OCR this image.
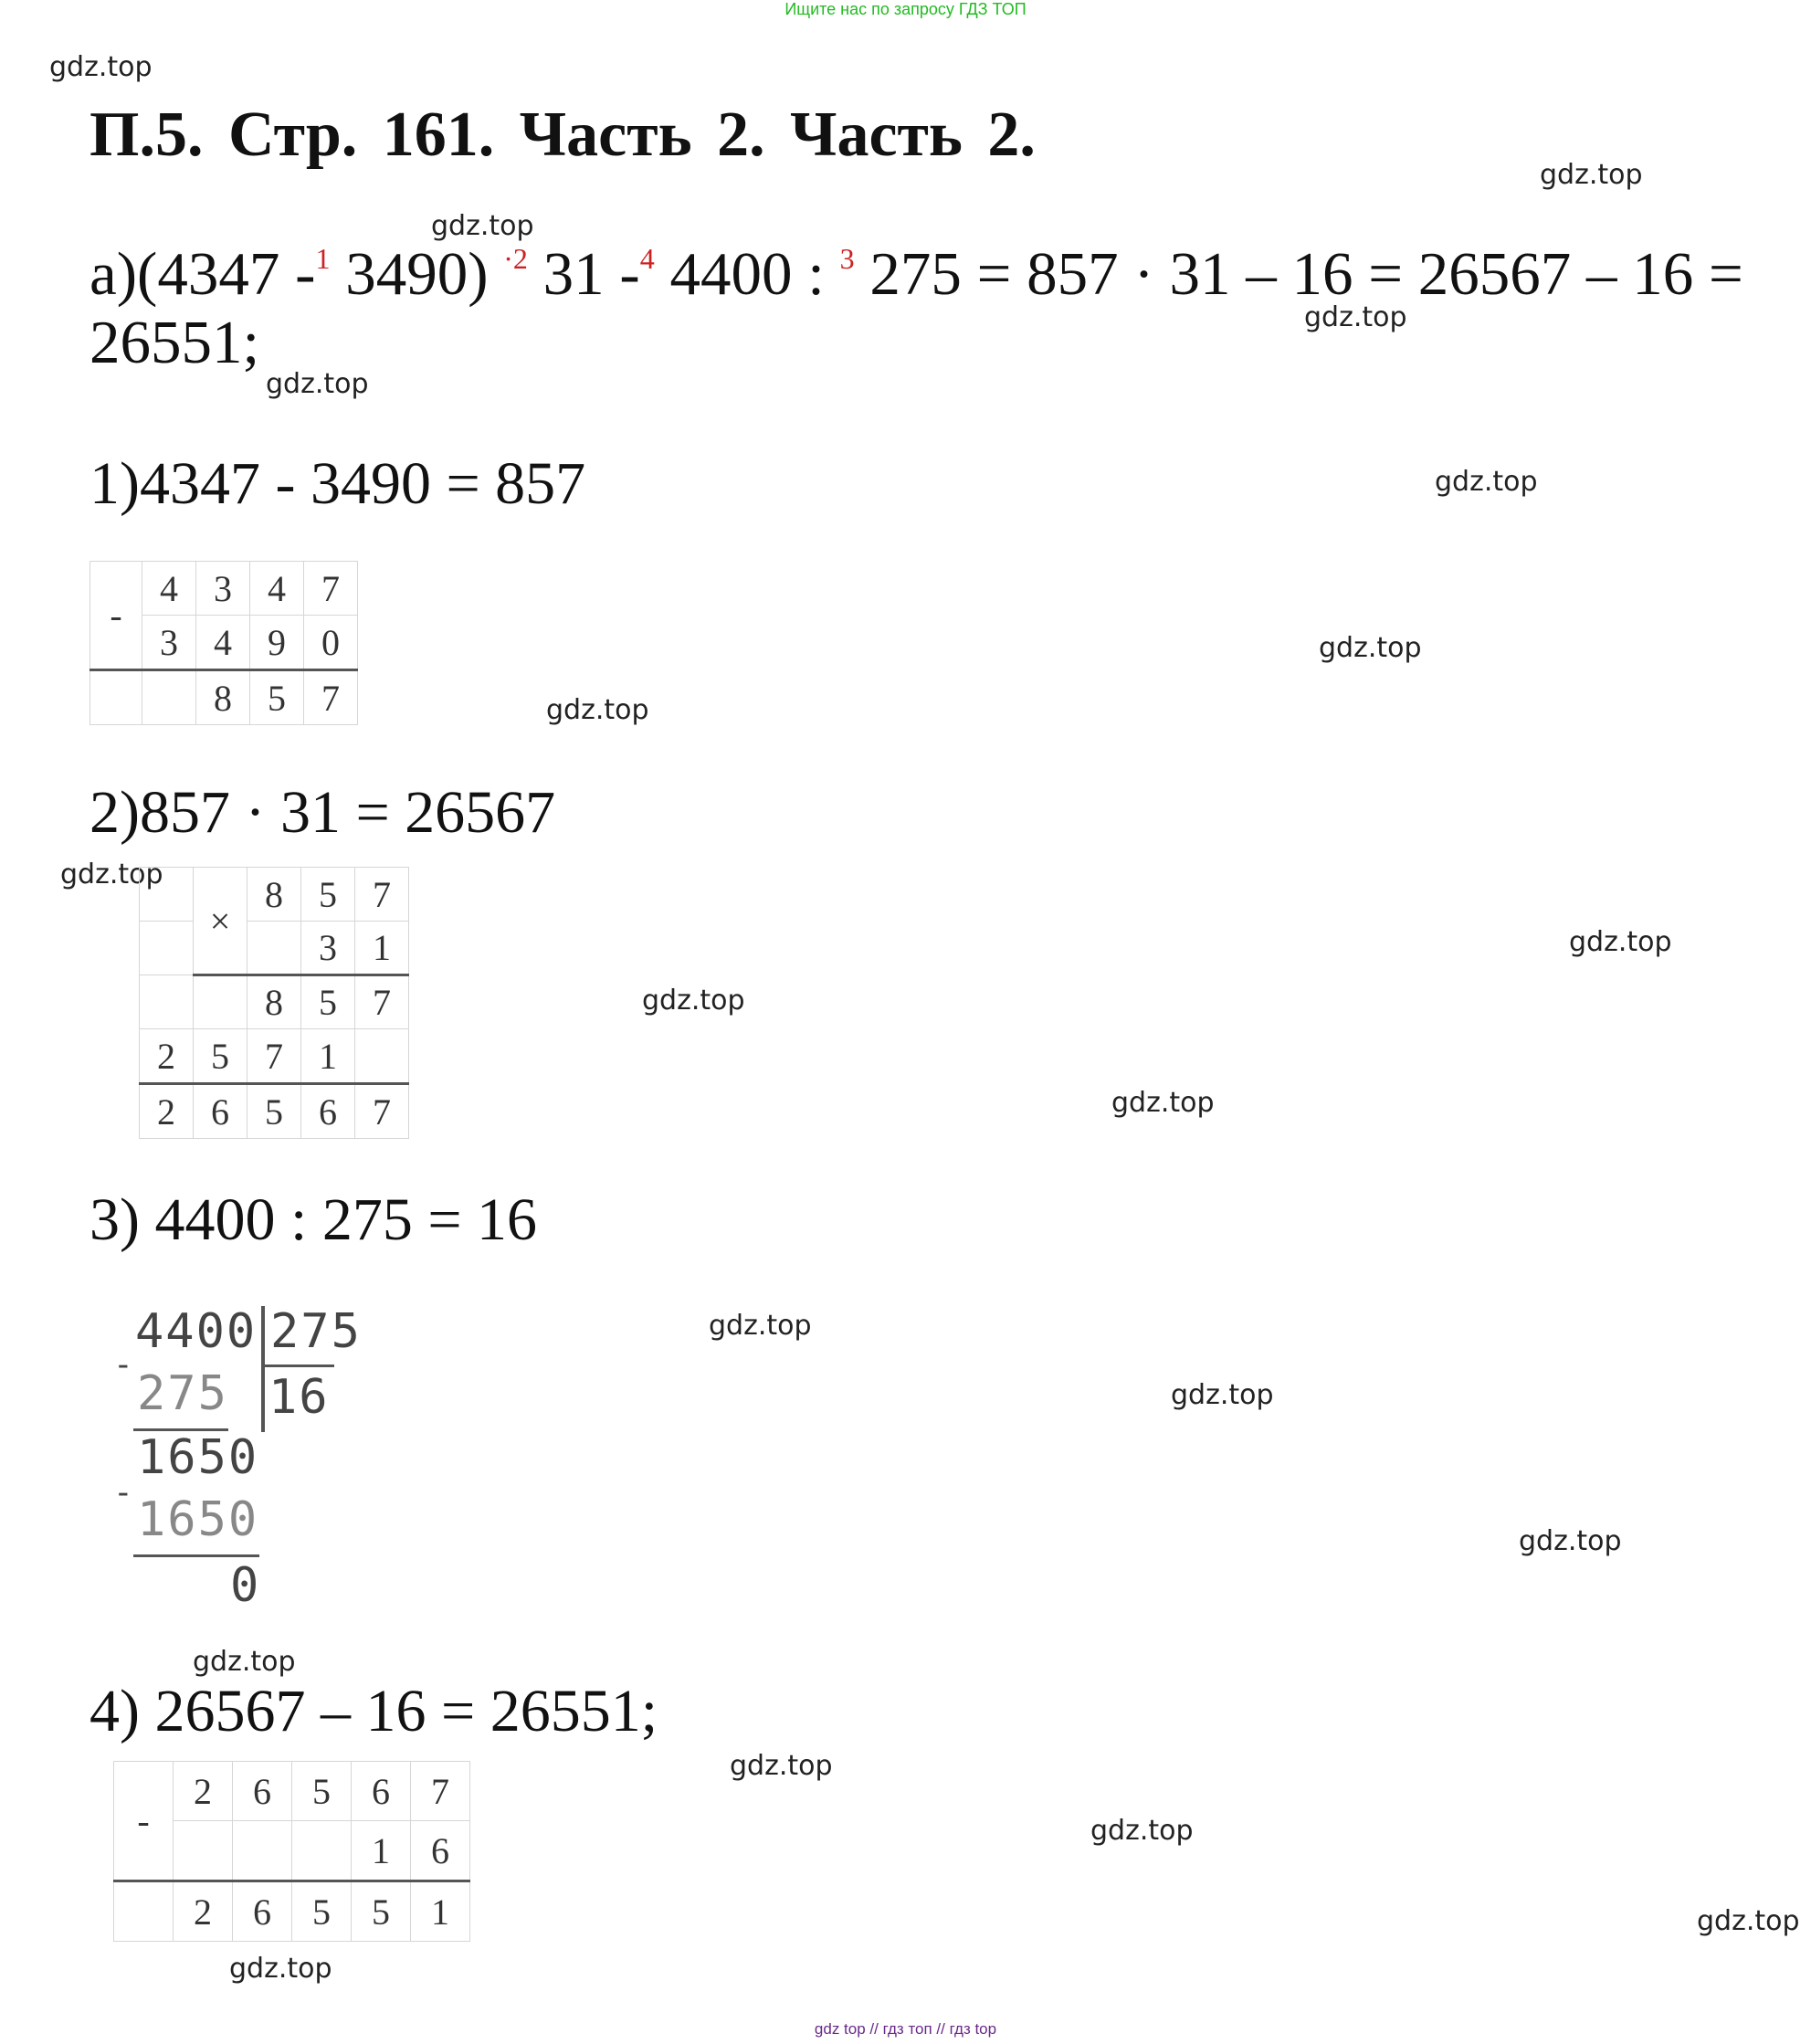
Ищите нас по запросу ГДЗ ТОП
gdz.top
gdz.top
gdz.top
gdz.top
gdz.top
gdz.top
gdz.top
gdz.top
gdz.top
gdz.top
gdz.top
gdz.top
gdz.top
gdz.top
gdz.top
gdz.top
gdz.top
gdz.top
gdz.top
gdz.top
П.5. Стр. 161. Часть 2. Часть 2.
а)(4347 -$^1$ 3490) $^{\cdot 2}$ 31 -$^4$ 4400 : $^3$ 275 = 857 · 31 – 16 = 26567 – 16 =
26551;
1)4347 - 3490 = 857
-	4	3	4	7
	3	4	9	0
		8	5	7
2)857 · 31 = 26567
	×	8	5	7
			3	1
		8	5	7
2	5	7	1	
2	6	5	6	7
3) 4400 : 275 = 16
4400 275
-
275 16
1650
- 1650
0
4) 26567 – 16 = 26551;
-	2	6	5	6	7
				1	6
	2	6	5	5	1
gdz top // гдз топ // гдз top
